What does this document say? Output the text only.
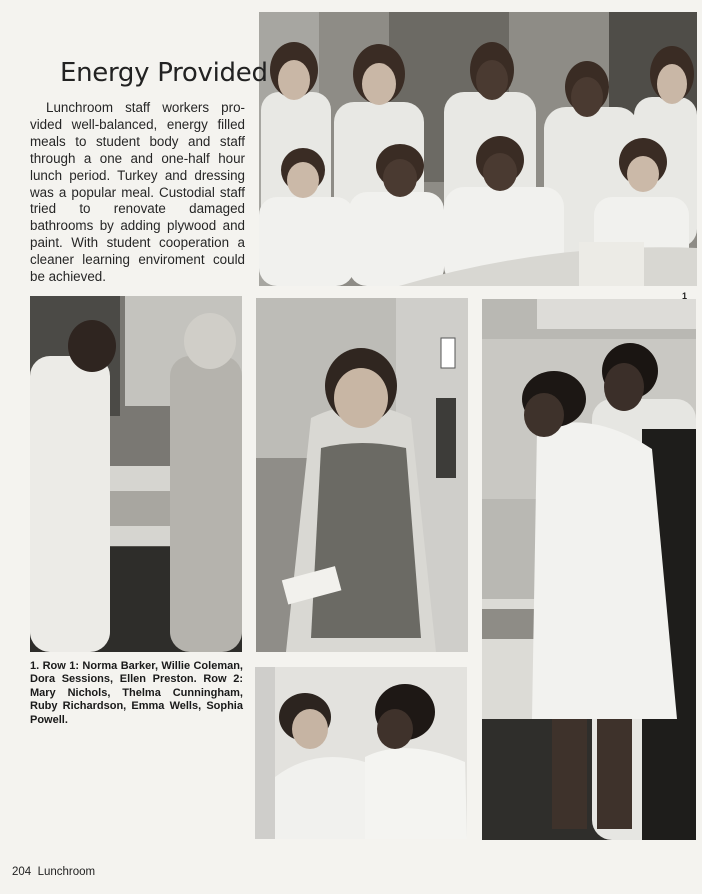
Energy Provided

Lunchroom staff workers provided well-balanced, energy filled meals to student body and staff through a one and one-half hour lunch period. Turkey and dressing was a popular meal. Custodial staff tried to renovate damaged bathrooms by adding plywood and paint. With student cooperation a cleaner learning enviroment could be achieved.

1

1. Row 1: Norma Barker, Willie Coleman, Dora Sessions, Ellen Preston. Row 2: Mary Nichols, Thelma Cunningham, Ruby Richardson, Emma Wells, Sophia Powell.

204 Lunchroom
